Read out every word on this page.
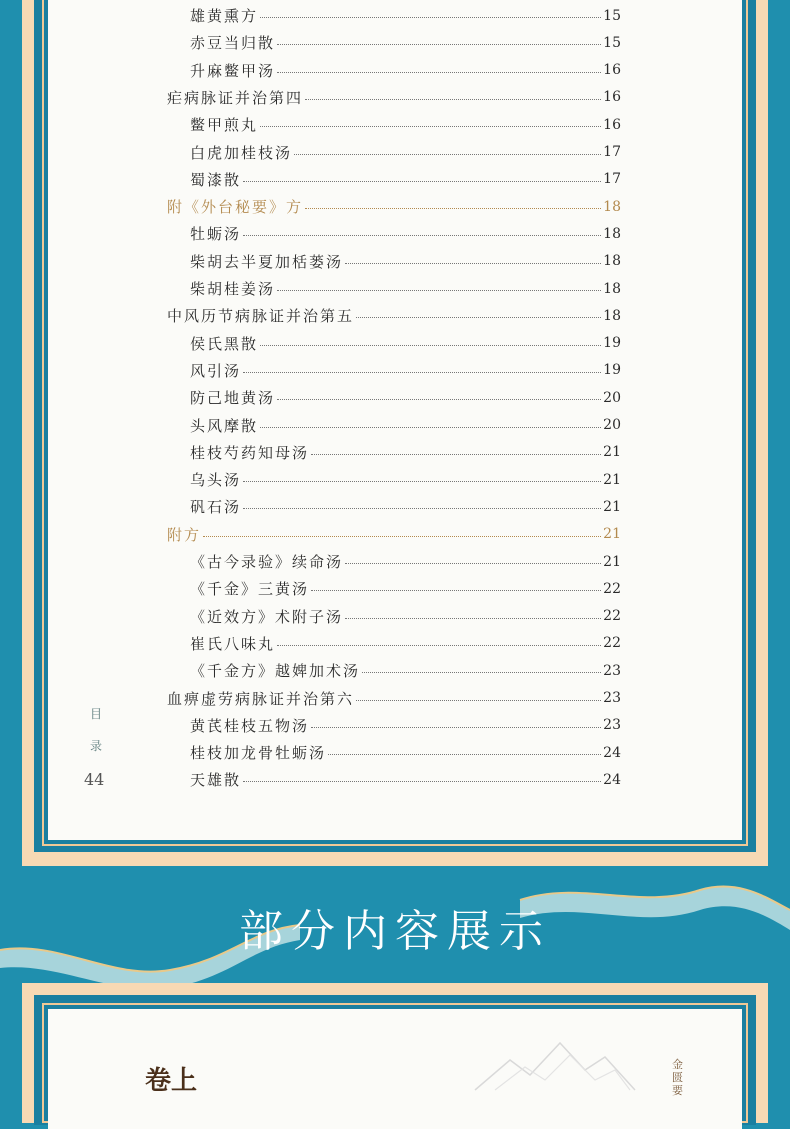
雄黄熏方	15
赤豆当归散	15
升麻鳖甲汤	16
疟病脉证并治第四	16
鳖甲煎丸	16
白虎加桂枝汤	17
蜀漆散	17
附《外台秘要》方	18
牡蛎汤	18
柴胡去半夏加栝蒌汤	18
柴胡桂姜汤	18
中风历节病脉证并治第五	18
侯氏黑散	19
风引汤	19
防己地黄汤	20
头风摩散	20
桂枝芍药知母汤	21
乌头汤	21
矾石汤	21
附方	21
《古今录验》续命汤	21
《千金》三黄汤	22
《近效方》术附子汤	22
崔氏八味丸	22
《千金方》越婢加术汤	23
血痹虚劳病脉证并治第六	23
黄芪桂枝五物汤	23
桂枝加龙骨牡蛎汤	24
天雄散	24
目
录
44
部分内容展示
卷上
金匮要
